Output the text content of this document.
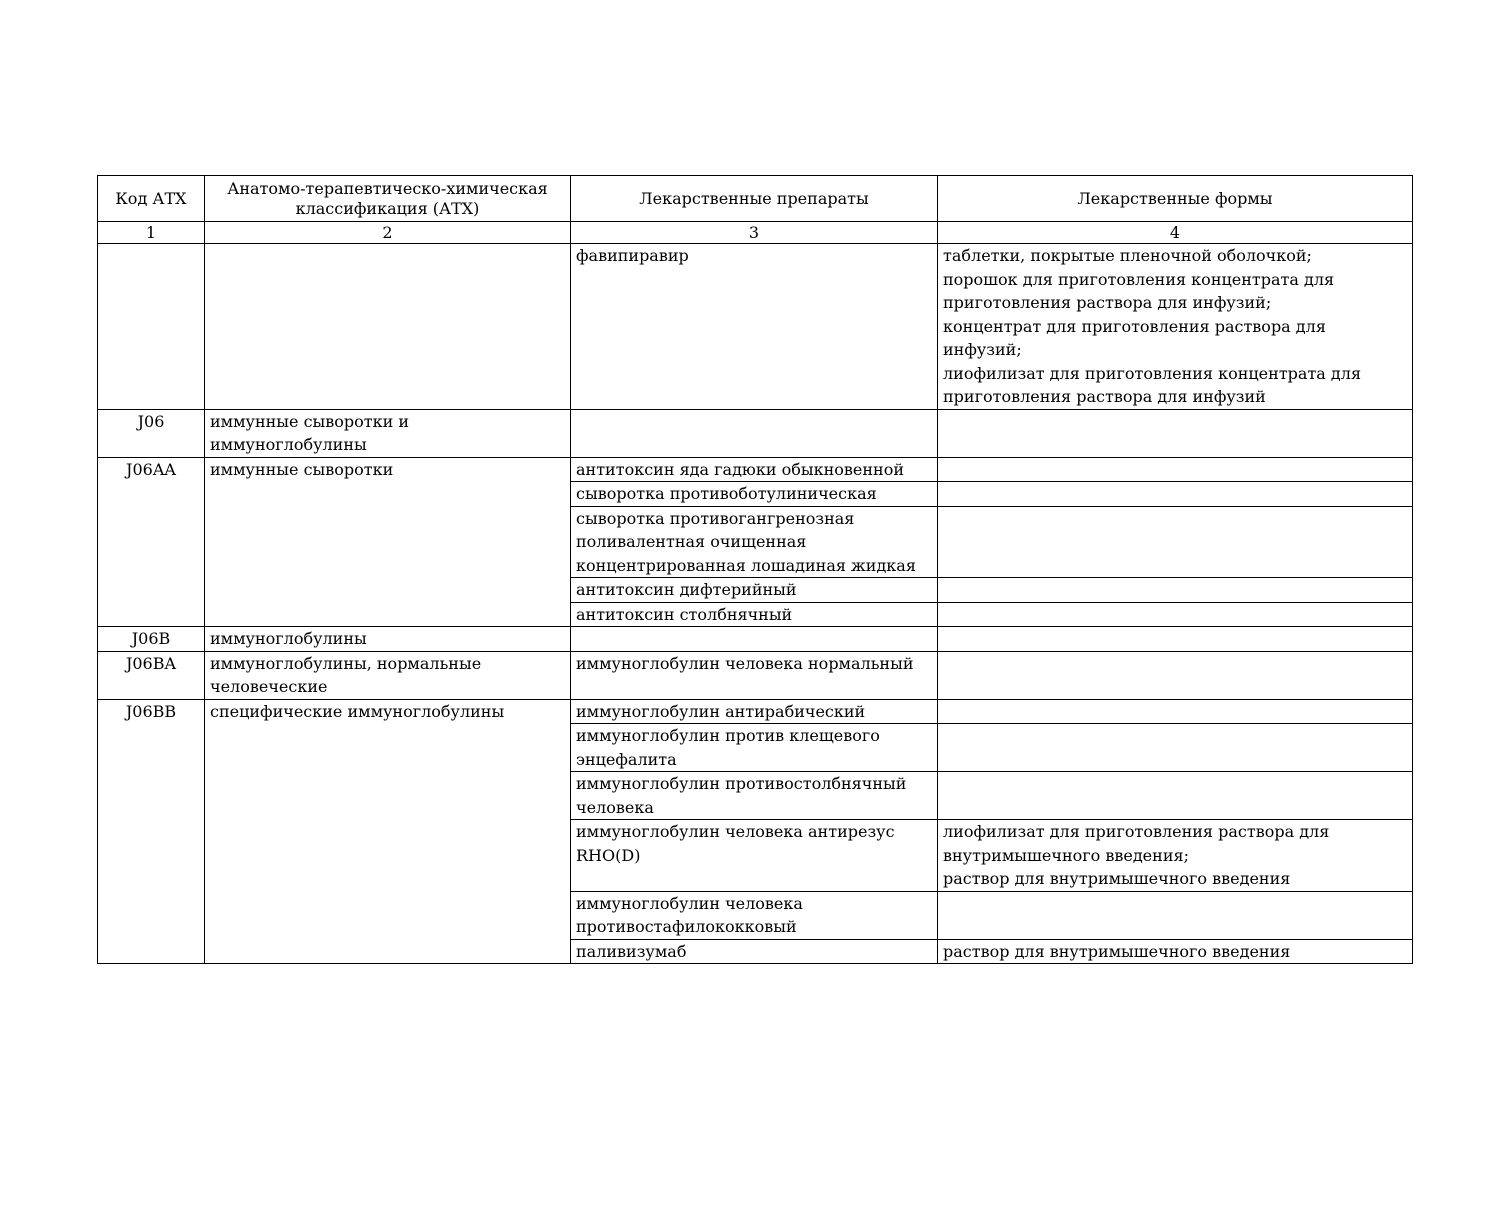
Код АТХ	Анатомо-терапевтическо-химическая классификация (АТХ)	Лекарственные препараты	Лекарственные формы
1	2	3	4
		фавипиравир	таблетки, покрытые пленочной оболочкой;
порошок для приготовления концентрата для приготовления раствора для инфузий;
концентрат для приготовления раствора для инфузий;
лиофилизат для приготовления концентрата для приготовления раствора для инфузий
J06	иммунные сыворотки и иммуноглобулины		
J06AA	иммунные сыворотки	антитоксин яда гадюки обыкновенной	
		сыворотка противоботулиническая	
		сыворотка противогангренозная поливалентная очищенная концентрированная лошадиная жидкая	
		антитоксин дифтерийный	
		антитоксин столбнячный	
J06B	иммуноглобулины		
J06BA	иммуноглобулины, нормальные человеческие	иммуноглобулин человека нормальный	
J06BB	специфические иммуноглобулины	иммуноглобулин антирабический	
		иммуноглобулин против клещевого энцефалита	
		иммуноглобулин противостолбнячный человека	
		иммуноглобулин человека антирезус RHO(D)	лиофилизат для приготовления раствора для внутримышечного введения;
раствор для внутримышечного введения
		иммуноглобулин человека противостафилококковый	
		паливизумаб	раствор для внутримышечного введения
